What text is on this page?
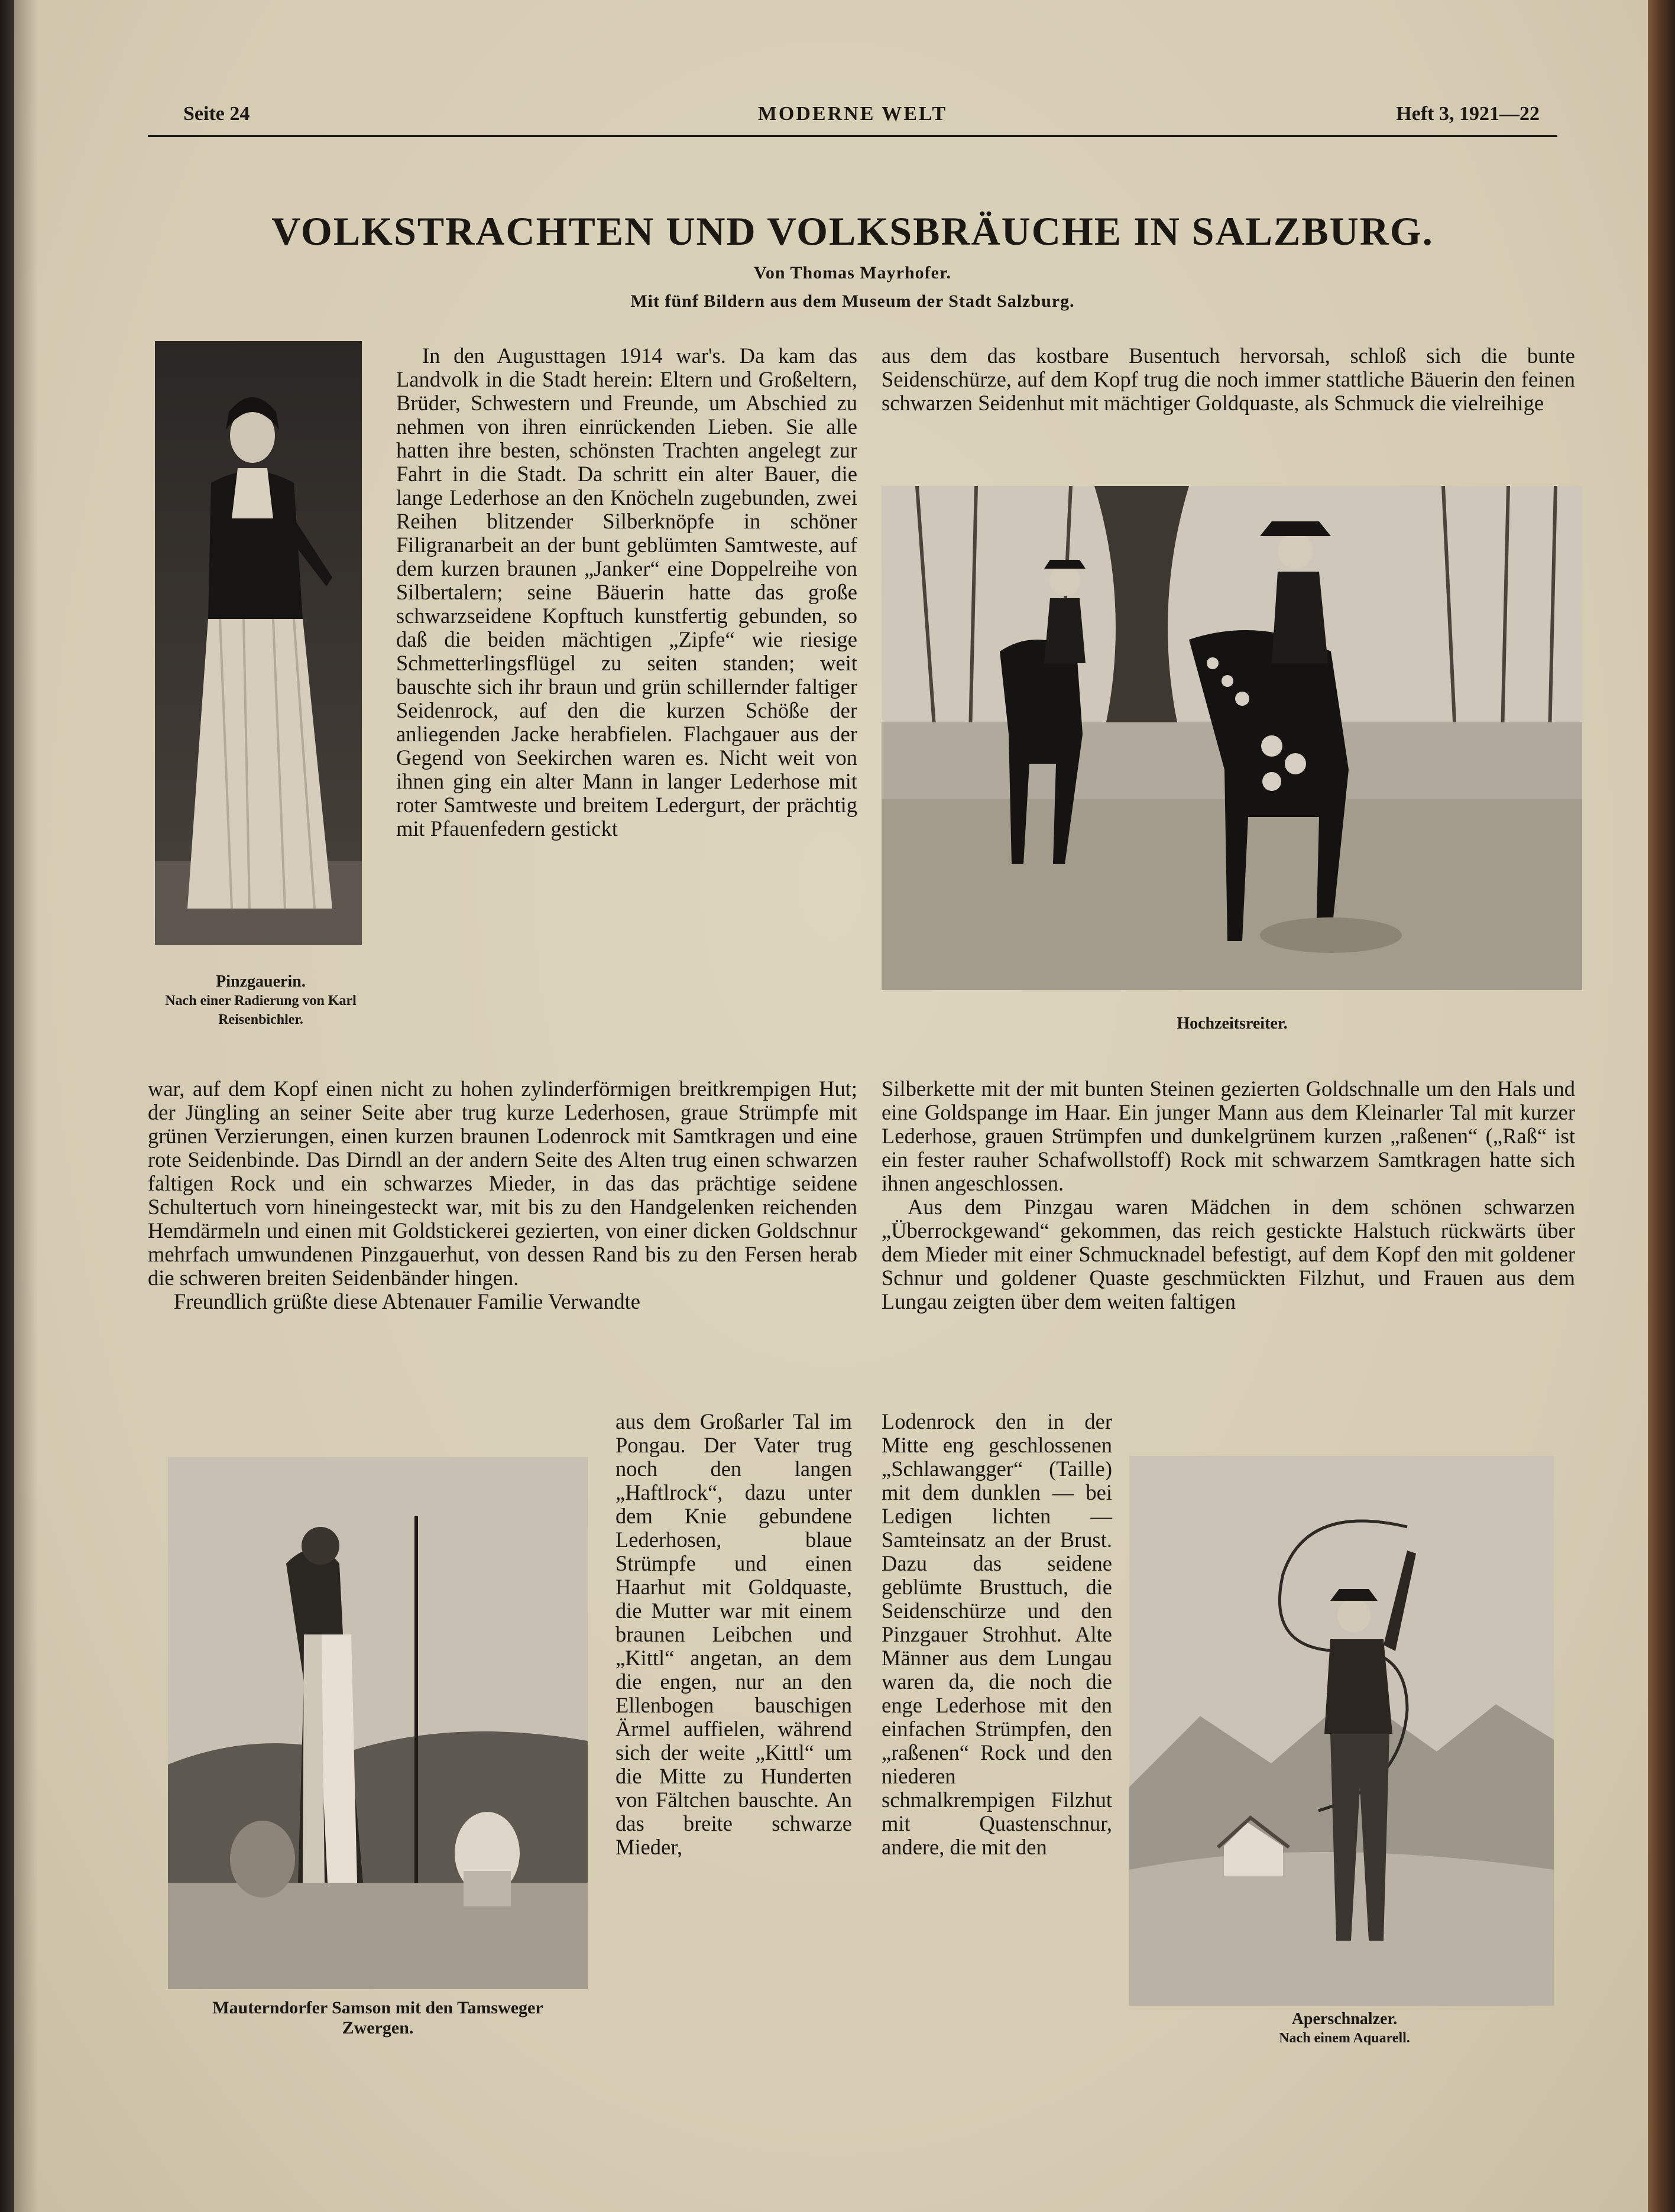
Seite 24	MODERNE WELT	Heft 3, 1921—22
VOLKSTRACHTEN UND VOLKSBRÄUCHE IN SALZBURG.
Von Thomas Mayrhofer.
Mit fünf Bildern aus dem Museum der Stadt Salzburg.
Pinzgauerin.
Nach einer Radierung von Karl Reisenbichler.

In den Augusttagen 1914 war's. Da kam das Landvolk in die Stadt herein: Eltern und Großeltern, Brüder, Schwestern und Freunde, um Abschied zu nehmen von ihren einrückenden Lieben. Sie alle hatten ihre besten, schönsten Trachten angelegt zur Fahrt in die Stadt. Da schritt ein alter Bauer, die lange Lederhose an den Knöcheln zugebunden, zwei Reihen blitzender Silberknöpfe in schöner Filigranarbeit an der bunt geblümten Samtweste, auf dem kurzen braunen „Janker“ eine Doppelreihe von Silbertalern; seine Bäuerin hatte das große schwarzseidene Kopftuch kunstfertig gebunden, so daß die beiden mächtigen „Zipfe“ wie riesige Schmetterlingsflügel zu seiten standen; weit bauschte sich ihr braun und grün schillernder faltiger Seidenrock, auf den die kurzen Schöße der anliegenden Jacke herabfielen. Flachgauer aus der Gegend von Seekirchen waren es. Nicht weit von ihnen ging ein alter Mann in langer Lederhose mit roter Samtweste und breitem Ledergurt, der prächtig mit Pfauenfedern gestickt

war, auf dem Kopf einen nicht zu hohen zylinderförmigen breitkrempigen Hut; der Jüngling an seiner Seite aber trug kurze Lederhosen, graue Strümpfe mit grünen Verzierungen, einen kurzen braunen Lodenrock mit Samtkragen und eine rote Seidenbinde. Das Dirndl an der andern Seite des Alten trug einen schwarzen faltigen Rock und ein schwarzes Mieder, in das das prächtige seidene Schultertuch vorn hineingesteckt war, mit bis zu den Handgelenken reichenden Hemdärmeln und einen mit Goldstickerei gezierten, von einer dicken Goldschnur mehrfach umwundenen Pinzgauerhut, von dessen Rand bis zu den Fersen herab die schweren breiten Seidenbänder hingen.

Freundlich grüßte diese Abtenauer Familie Verwandte

Mauterndorfer Samson mit den Tamsweger Zwergen.

aus dem Großarler Tal im Pongau. Der Vater trug noch den langen „Haftlrock“, dazu unter dem Knie gebundene Lederhosen, blaue Strümpfe und einen Haarhut mit Goldquaste, die Mutter war mit einem braunen Leibchen und „Kittl“ angetan, an dem die engen, nur an den Ellenbogen bauschigen Ärmel auffielen, während sich der weite „Kittl“ um die Mitte zu Hunderten von Fältchen bauschte. An das breite schwarze Mieder,

aus dem das kostbare Busentuch hervorsah, schloß sich die bunte Seidenschürze, auf dem Kopf trug die noch immer stattliche Bäuerin den feinen schwarzen Seidenhut mit mächtiger Goldquaste, als Schmuck die vielreihige

Hochzeitsreiter.

Silberkette mit der mit bunten Steinen gezierten Goldschnalle um den Hals und eine Goldspange im Haar. Ein junger Mann aus dem Kleinarler Tal mit kurzer Lederhose, grauen Strümpfen und dunkelgrünem kurzen „raßenen“ („Raß“ ist ein fester rauher Schafwollstoff) Rock mit schwarzem Samtkragen hatte sich ihnen angeschlossen.

Aus dem Pinzgau waren Mädchen in dem schönen schwarzen „Überrockgewand“ gekommen, das reich gestickte Halstuch rückwärts über dem Mieder mit einer Schmucknadel befestigt, auf dem Kopf den mit goldener Schnur und goldener Quaste geschmückten Filzhut, und Frauen aus dem Lungau zeigten über dem weiten faltigen

Lodenrock den in der Mitte eng geschlossenen „Schlawangger“ (Taille) mit dem dunklen — bei Ledigen lichten — Samteinsatz an der Brust. Dazu das seidene geblümte Brusttuch, die Seidenschürze und den Pinzgauer Strohhut. Alte Männer aus dem Lungau waren da, die noch die enge Lederhose mit den einfachen Strümpfen, den „raßenen“ Rock und den niederen schmalkrempigen Filzhut mit Quastenschnur, andere, die mit den

Aperschnalzer.
Nach einem Aquarell.
